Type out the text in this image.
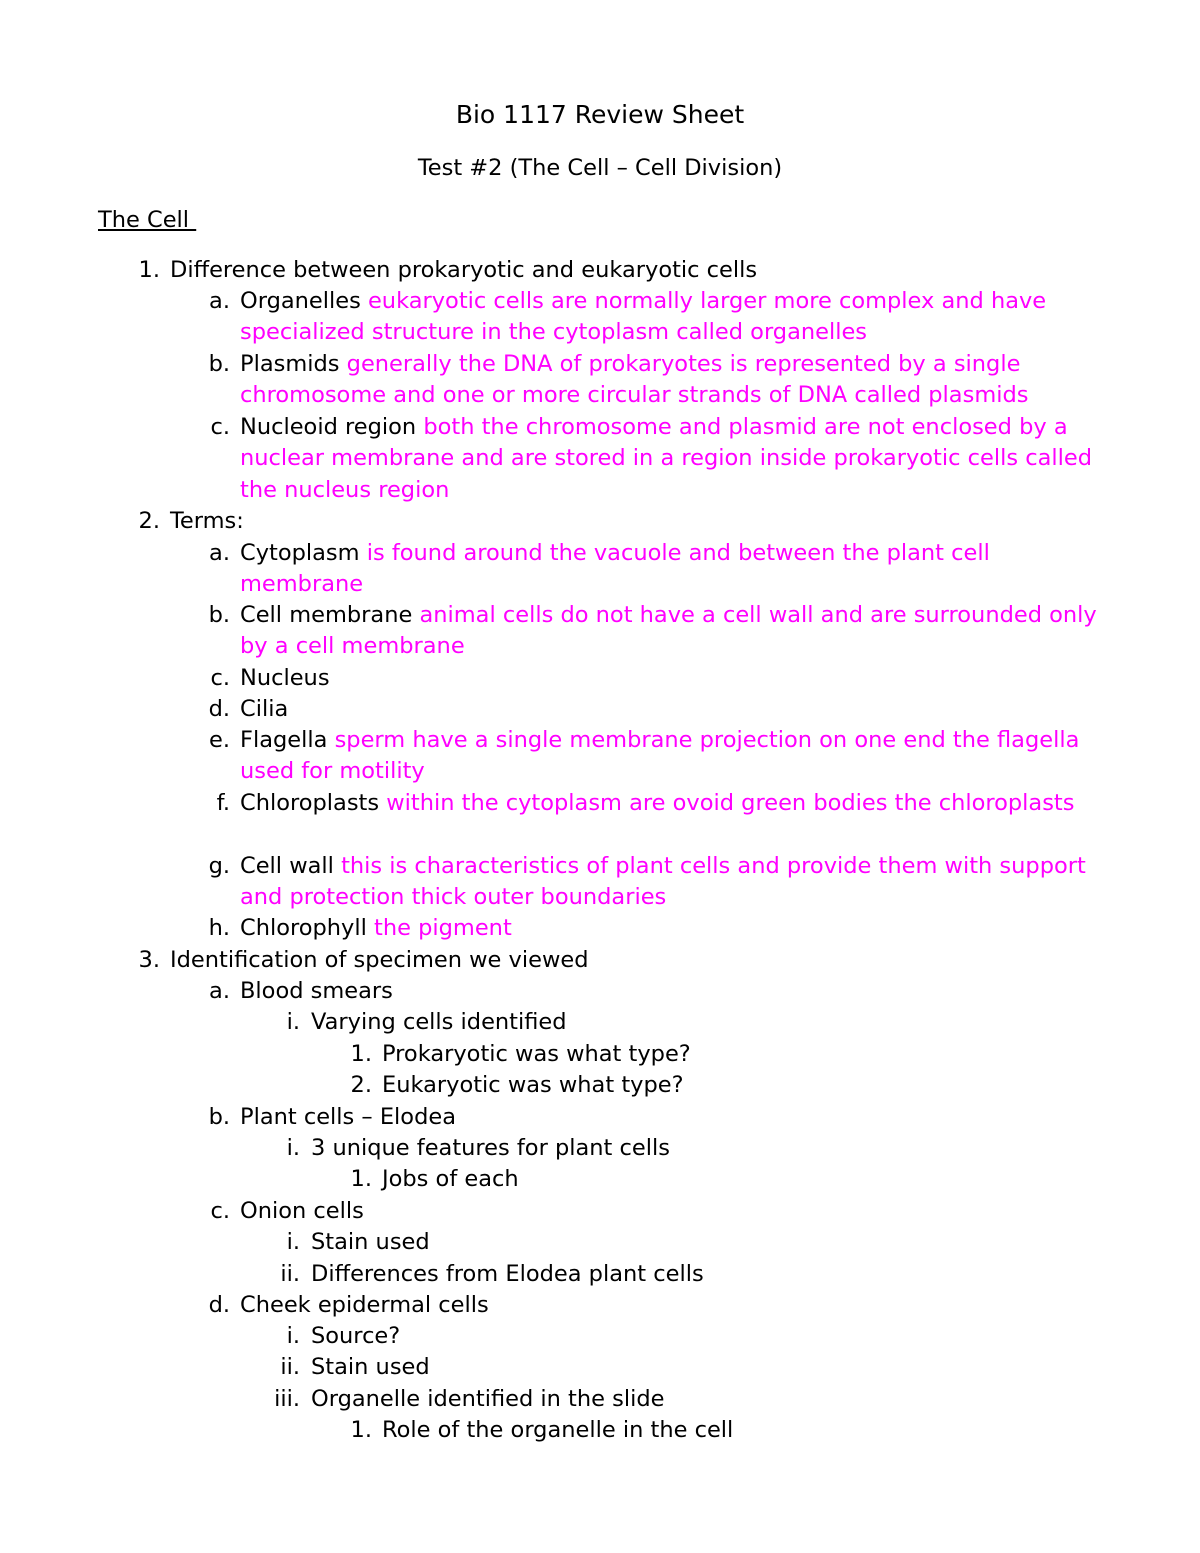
Bio 1117 Review Sheet
Test #2 (The Cell – Cell Division)
The Cell
1. Difference between prokaryotic and eukaryotic cells
a. Organelles eukaryotic cells are normally larger more complex and have specialized structure in the cytoplasm called organelles
b. Plasmids generally the DNA of prokaryotes is represented by a single chromosome and one or more circular strands of DNA called plasmids
c. Nucleoid region both the chromosome and plasmid are not enclosed by a nuclear membrane and are stored in a region inside prokaryotic cells called the nucleus region
2. Terms:
a. Cytoplasm is found around the vacuole and between the plant cell membrane
b. Cell membrane animal cells do not have a cell wall and are surrounded only by a cell membrane
c. Nucleus
d. Cilia
e. Flagella sperm have a single membrane projection on one end the flagella used for motility
f. Chloroplasts within the cytoplasm are ovoid green bodies the chloroplasts
g. Cell wall this is characteristics of plant cells and provide them with support and protection thick outer boundaries
h. Chlorophyll the pigment
3. Identification of specimen we viewed
a. Blood smears
i. Varying cells identified
1. Prokaryotic was what type?
2. Eukaryotic was what type?
b. Plant cells – Elodea
i. 3 unique features for plant cells
1. Jobs of each
c. Onion cells
i. Stain used
ii. Differences from Elodea plant cells
d. Cheek epidermal cells
i. Source?
ii. Stain used
iii. Organelle identified in the slide
1. Role of the organelle in the cell
